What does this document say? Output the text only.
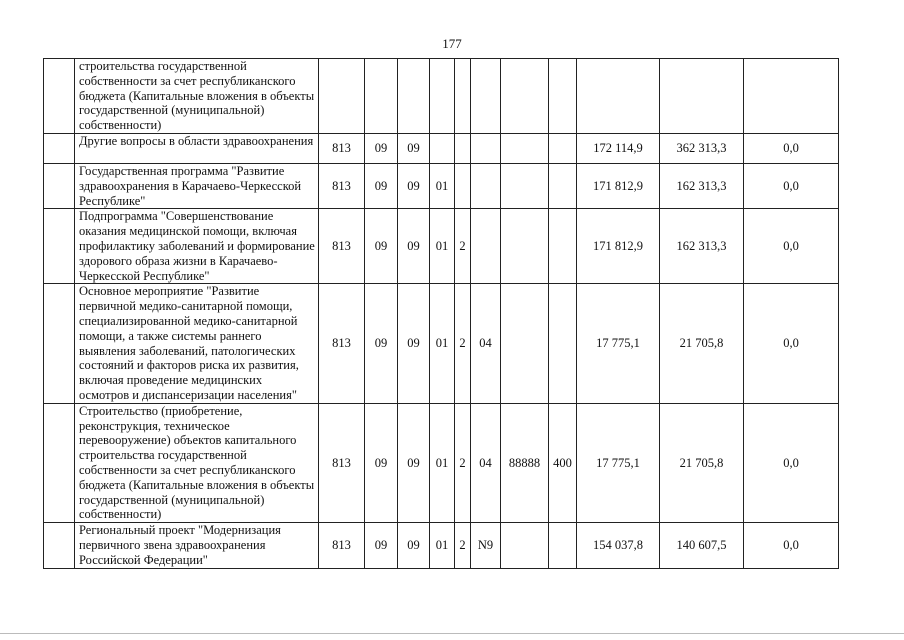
177
	строительства государственной собственности за счет республиканского бюджета (Капитальные вложения в объекты государственной (муниципальной) собственности)											
	Другие вопросы в области здравоохранения	813	09	09						172 114,9	362 313,3	0,0
	Государственная программа "Развитие здравоохранения в Карачаево-Черкесской Республике"	813	09	09	01					171 812,9	162 313,3	0,0
	Подпрограмма "Совершенствование оказания медицинской помощи, включая профилактику заболеваний и формирование здорового образа жизни в Карачаево-Черкесской Республике"	813	09	09	01	2				171 812,9	162 313,3	0,0
	Основное мероприятие "Развитие первичной медико-санитарной помощи, специализированной медико-санитарной помощи, а также системы раннего выявления заболеваний, патологических состояний и факторов риска их развития, включая проведение медицинских осмотров и диспансеризации населения"	813	09	09	01	2	04			17 775,1	21 705,8	0,0
	Строительство (приобретение, реконструкция, техническое перевооружение) объектов капитального строительства государственной собственности за счет республиканского бюджета (Капитальные вложения в объекты государственной (муниципальной) собственности)	813	09	09	01	2	04	88888	400	17 775,1	21 705,8	0,0
	Региональный проект "Модернизация первичного звена здравоохранения Российской Федерации"	813	09	09	01	2	N9			154 037,8	140 607,5	0,0
